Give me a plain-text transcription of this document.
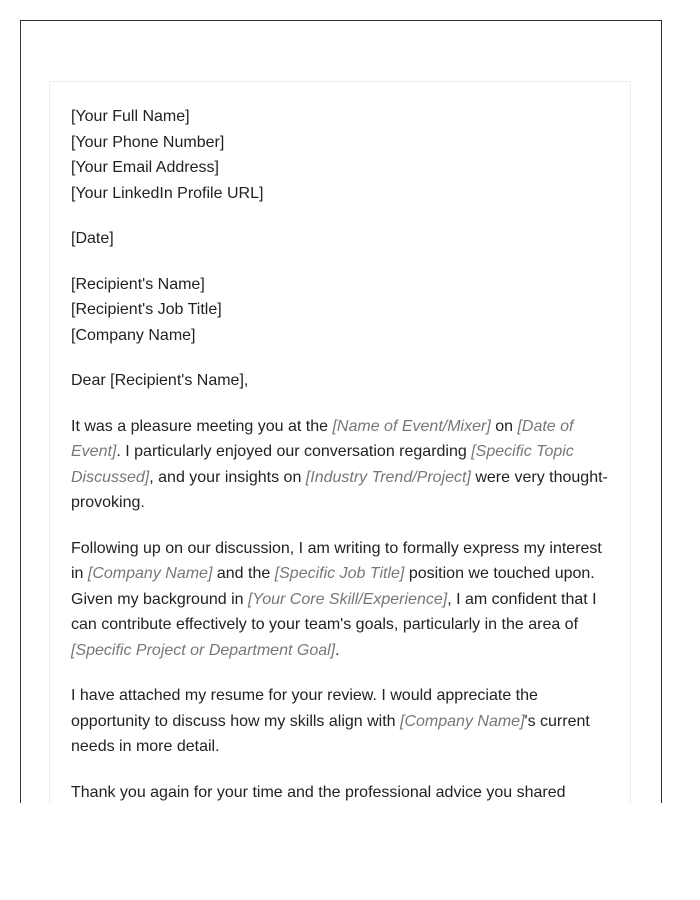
[Your Full Name]
[Your Phone Number]
[Your Email Address]
[Your LinkedIn Profile URL]
[Date]
[Recipient's Name]
[Recipient's Job Title]
[Company Name]

Dear [Recipient's Name],

It was a pleasure meeting you at the [Name of Event/Mixer] on [Date of Event]. I particularly enjoyed our conversation regarding [Specific Topic Discussed], and your insights on [Industry Trend/Project] were very thought-provoking.

Following up on our discussion, I am writing to formally express my interest in [Company Name] and the [Specific Job Title] position we touched upon. Given my background in [Your Core Skill/Experience], I am confident that I can contribute effectively to your team's goals, particularly in the area of [Specific Project or Department Goal].

I have attached my resume for your review. I would appreciate the opportunity to discuss how my skills align with [Company Name]'s current needs in more detail.

Thank you again for your time and the professional advice you shared
